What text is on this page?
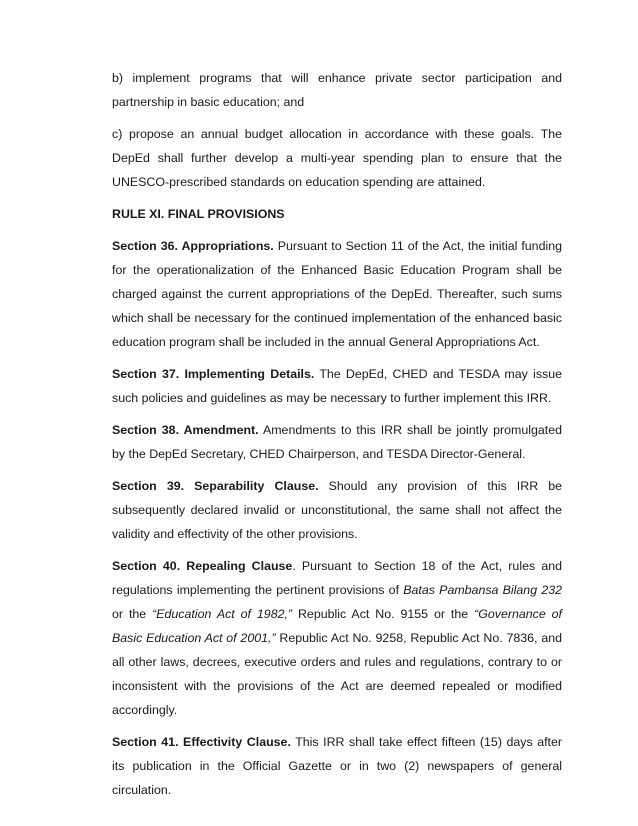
b) implement programs that will enhance private sector participation and partnership in basic education; and

c) propose an annual budget allocation in accordance with these goals. The DepEd shall further develop a multi-year spending plan to ensure that the UNESCO-prescribed standards on education spending are attained.

RULE XI. FINAL PROVISIONS

Section 36. Appropriations. Pursuant to Section 11 of the Act, the initial funding for the operationalization of the Enhanced Basic Education Program shall be charged against the current appropriations of the DepEd. Thereafter, such sums which shall be necessary for the continued implementation of the enhanced basic education program shall be included in the annual General Appropriations Act.

Section 37. Implementing Details. The DepEd, CHED and TESDA may issue such policies and guidelines as may be necessary to further implement this IRR.

Section 38. Amendment. Amendments to this IRR shall be jointly promulgated by the DepEd Secretary, CHED Chairperson, and TESDA Director-General.

Section 39. Separability Clause. Should any provision of this IRR be subsequently declared invalid or unconstitutional, the same shall not affect the validity and effectivity of the other provisions.

Section 40. Repealing Clause. Pursuant to Section 18 of the Act, rules and regulations implementing the pertinent provisions of Batas Pambansa Bilang 232 or the “Education Act of 1982,” Republic Act No. 9155 or the “Governance of Basic Education Act of 2001,” Republic Act No. 9258, Republic Act No. 7836, and all other laws, decrees, executive orders and rules and regulations, contrary to or inconsistent with the provisions of the Act are deemed repealed or modified accordingly.

Section 41. Effectivity Clause. This IRR shall take effect fifteen (15) days after its publication in the Official Gazette or in two (2) newspapers of general circulation.
